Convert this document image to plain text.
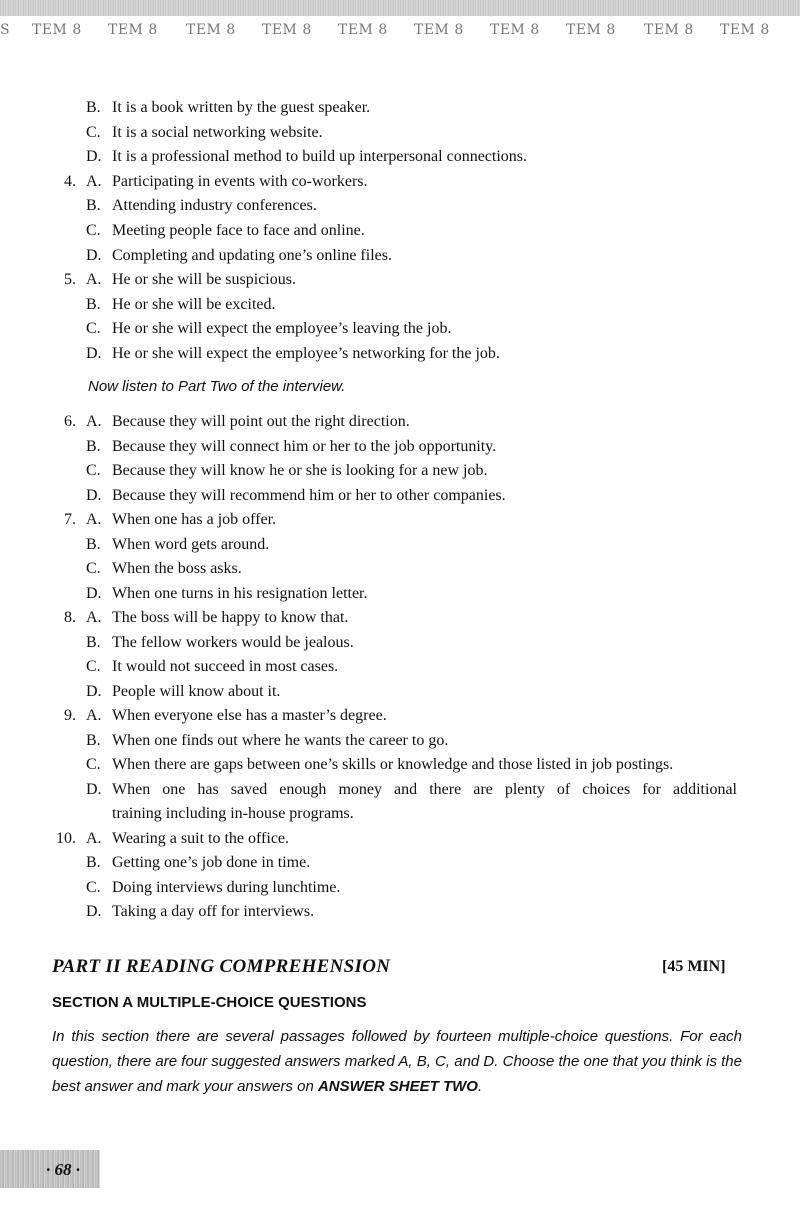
S TEM 8 TEM 8 TEM 8 TEM 8 TEM 8 TEM 8 TEM 8 TEM 8 TEM 8 TEM 8
B. It is a book written by the guest speaker.
C. It is a social networking website.
D. It is a professional method to build up interpersonal connections.
4. A. Participating in events with co-workers.
B. Attending industry conferences.
C. Meeting people face to face and online.
D. Completing and updating one’s online files.
5. A. He or she will be suspicious.
B. He or she will be excited.
C. He or she will expect the employee’s leaving the job.
D. He or she will expect the employee’s networking for the job.
6. A. Because they will point out the right direction.
B. Because they will connect him or her to the job opportunity.
C. Because they will know he or she is looking for a new job.
D. Because they will recommend him or her to other companies.
7. A. When one has a job offer.
B. When word gets around.
C. When the boss asks.
D. When one turns in his resignation letter.
8. A. The boss will be happy to know that.
B. The fellow workers would be jealous.
C. It would not succeed in most cases.
D. People will know about it.
9. A. When everyone else has a master’s degree.
B. When one finds out where he wants the career to go.
C. When there are gaps between one’s skills or knowledge and those listed in job postings.
D. When one has saved enough money and there are plenty of choices for additional
training including in-house programs.
10. A. Wearing a suit to the office.
B. Getting one’s job done in time.
C. Doing interviews during lunchtime.
D. Taking a day off for interviews.
Now listen to Part Two of the interview.
PART II READING COMPREHENSION	[45 MIN]
SECTION A MULTIPLE-CHOICE QUESTIONS
In this section there are several passages followed by fourteen multiple-choice questions. For each question, there are four suggested answers marked A, B, C, and D. Choose the one that you think is the best answer and mark your answers on ANSWER SHEET TWO.
· 68 ·
